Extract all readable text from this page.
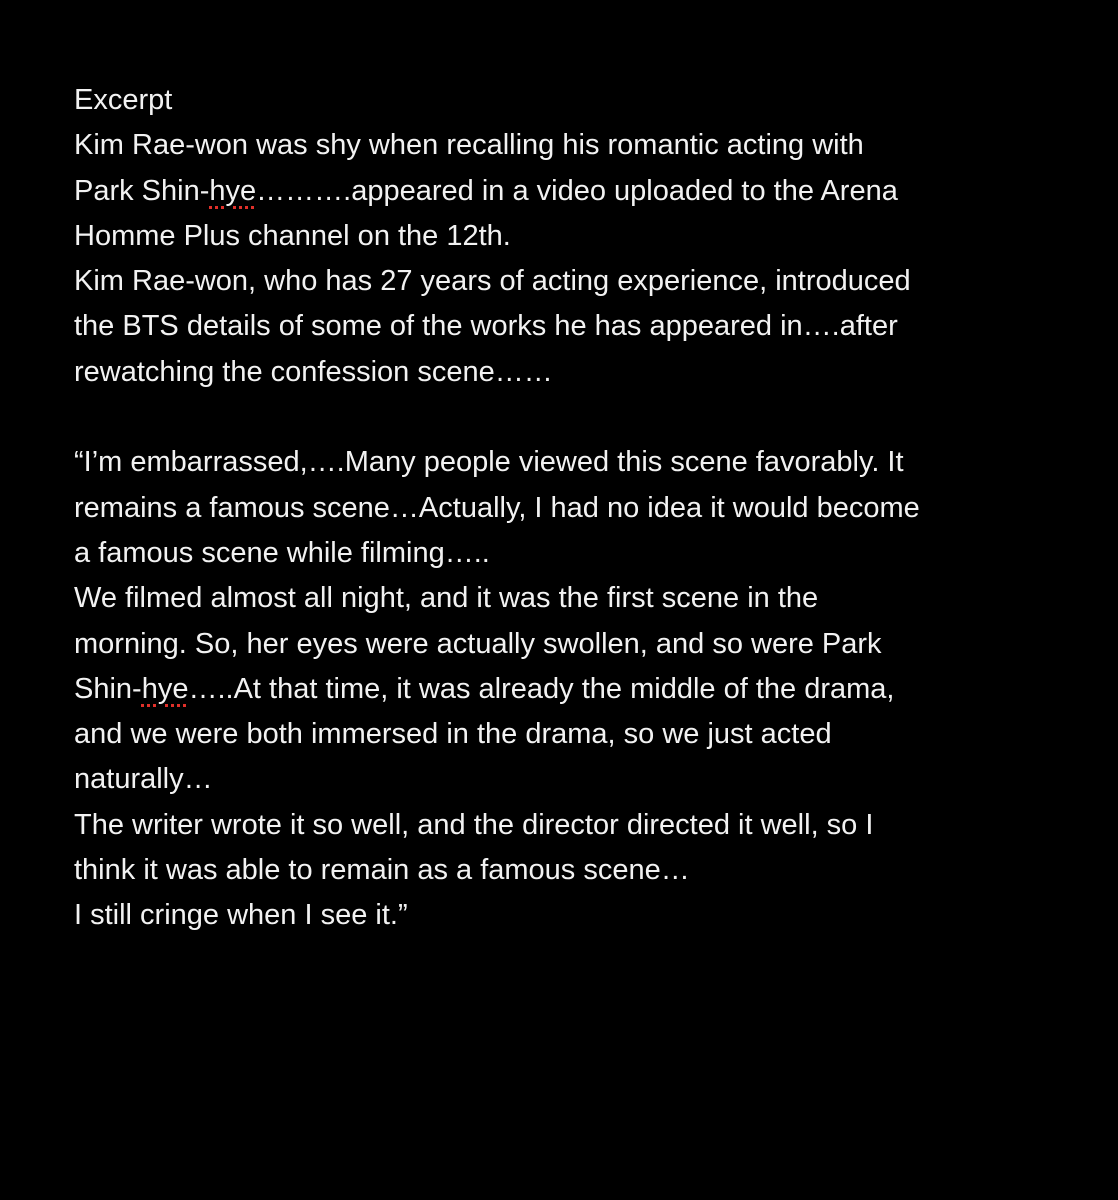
Excerpt
Kim Rae-won was shy when recalling his romantic acting with
Park Shin-hye……….appeared in a video uploaded to the Arena
Homme Plus channel on the 12th.
Kim Rae-won, who has 27 years of acting experience, introduced
the BTS details of some of the works he has appeared in….after
rewatching the confession scene……
“I’m embarrassed,….Many people viewed this scene favorably. It
remains a famous scene…Actually, I had no idea it would become
a famous scene while filming…..
We filmed almost all night, and it was the first scene in the
morning. So, her eyes were actually swollen, and so were Park
Shin-hye…..At that time, it was already the middle of the drama,
and we were both immersed in the drama, so we just acted
naturally…
The writer wrote it so well, and the director directed it well, so I
think it was able to remain as a famous scene…
I still cringe when I see it.”
